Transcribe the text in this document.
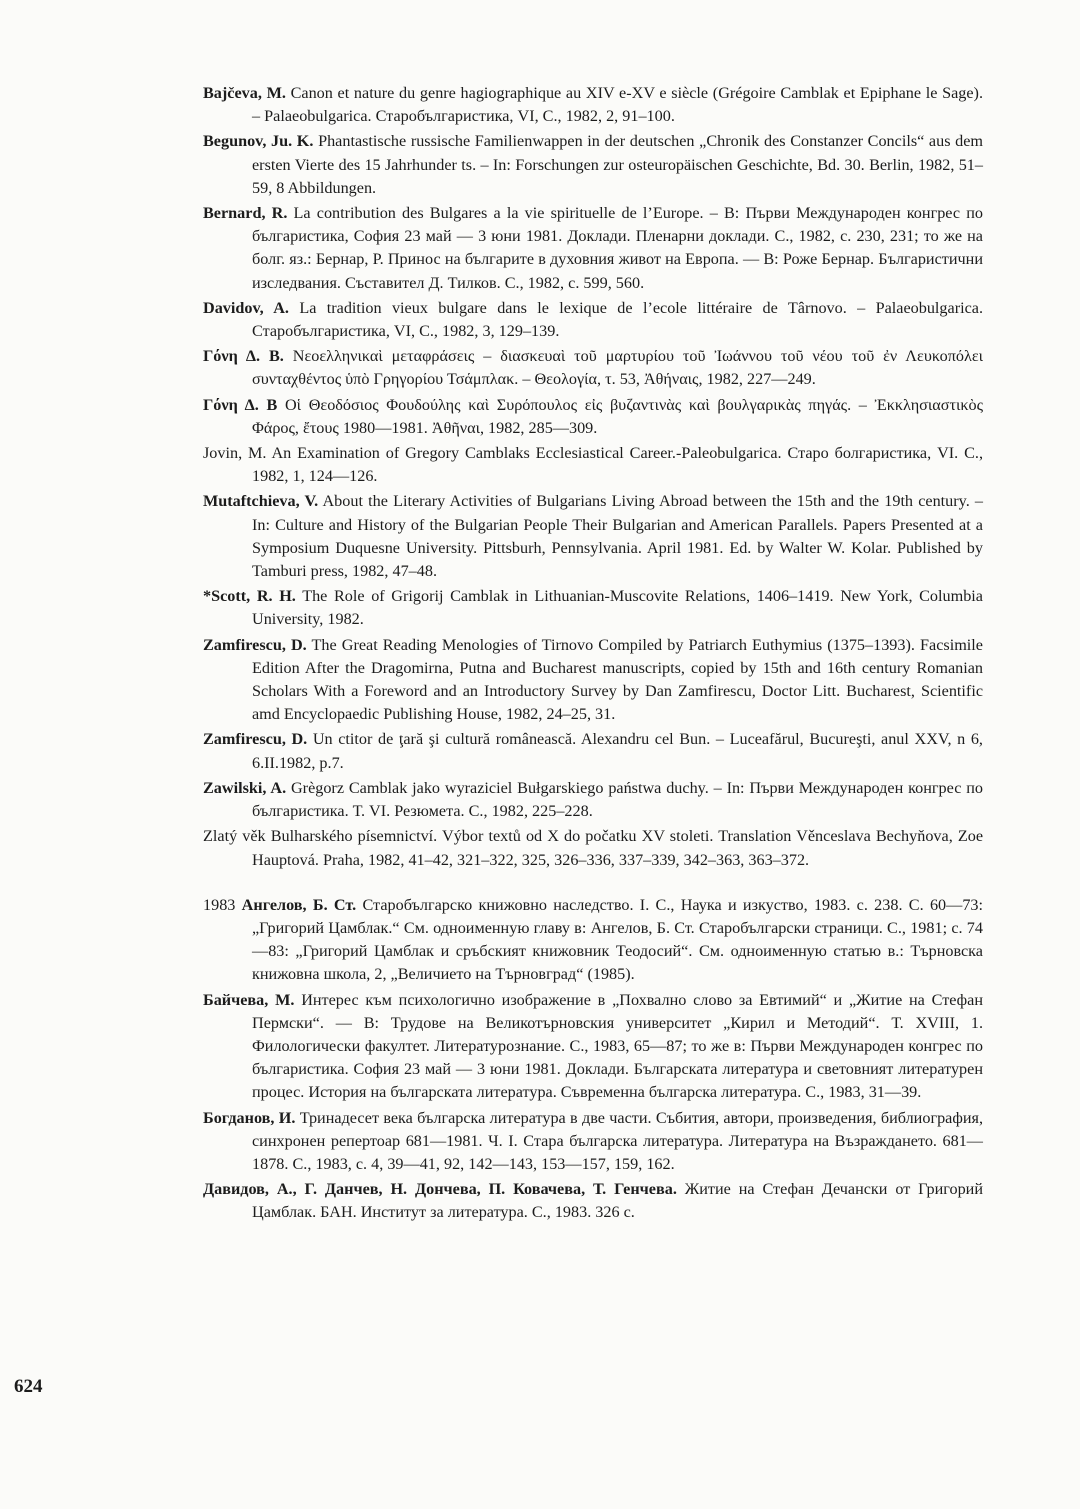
Bajčeva, M. Canon et nature du genre hagiographique au XIV e-XV e siècle (Grégoire Camblak et Epiphane le Sage). – Palaeobulgarica. Старобългаристика, VI, С., 1982, 2, 91–100.

Begunov, Ju. K. Phantastische russische Familienwappen in der deutschen „Chronik des Constanzer Concils“ aus dem ersten Vierte des 15 Jahrhunder ts. – In: Forschungen zur osteuropäischen Geschichte, Bd. 30. Berlin, 1982, 51–59, 8 Abbildungen.

Bernard, R. La contribution des Bulgares a la vie spirituelle de l’Europe. – В: Първи Международен конгрес по българистика, София 23 май — 3 юни 1981. Доклади. Пленарни доклади. С., 1982, с. 230, 231; то же на болг. яз.: Бернар, Р. Принос на българите в духовния живот на Европа. — В: Роже Бернар. Българистични изследвания. Съставител Д. Тилков. С., 1982, с. 599, 560.

Davidov, A. La tradition vieux bulgare dans le lexique de l’ecole littéraire de Târnovo. – Palaeobulgarica. Старобългаристика, VI, С., 1982, 3, 129–139.

Γόνη Δ. Β. Νεοελληνικαὶ μεταφράσεις – διασκευαὶ τοῦ μαρτυρίου τοῦ Ἰωάννου τοῦ νέου τοῦ ἐν Λευκοπόλει συνταχθέντος ὑπὸ Γρηγορίου Τσάμπλακ. – Θεολογία, τ. 53, Ἀθήναις, 1982, 227—249.

Γόνη Δ. Β Οἱ Θεοδόσιος Φουδούλης καὶ Συρόπουλος εἰς βυζαντινὰς καὶ βουλγαρικὰς πηγάς. – Ἐκκλησιαστικὸς Φάρος, ἔτους 1980—1981. Ἀθῆναι, 1982, 285—309.

Jovin, M. An Examination of Gregory Camblaks Ecclesiastical Career.-Paleobulgarica. Старо болгаристика, VI. С., 1982, 1, 124—126.

Mutaftchieva, V. About the Literary Activities of Bulgarians Living Abroad between the 15th and the 19th century. – In: Culture and History of the Bulgarian People Their Bulgarian and American Parallels. Papers Presented at a Symposium Duquesne University. Pittsburh, Pennsylvania. April 1981. Ed. by Walter W. Kolar. Published by Tamburi press, 1982, 47–48.

*Scott, R. H. The Role of Grigorij Camblak in Lithuanian-Muscovite Relations, 1406–1419. New York, Columbia University, 1982.

Zamfirescu, D. The Great Reading Menologies of Tirnovo Compiled by Patriarch Euthymius (1375–1393). Facsimile Edition After the Dragomirna, Putna and Bucharest manuscripts, copied by 15th and 16th century Romanian Scholars With a Foreword and an Introductory Survey by Dan Zamfirescu, Doctor Litt. Bucharest, Scientific amd Encyclopaedic Publishing House, 1982, 24–25, 31.

Zamfirescu, D. Un ctitor de ţară şi cultură românească. Alexandru cel Bun. – Luceafărul, Bucureşti, anul XXV, n 6, 6.II.1982, p.7.

Zawilski, A. Grègorz Camblak jako wyraziciel Bułgarskiego państwa duchy. – In: Първи Международен конгрес по българистика. Т. VI. Резюмета. С., 1982, 225–228.

Zlatý věk Bulharského písemnictví. Výbor textů od X do počatku XV stoleti. Translation Věnceslava Bechyňova, Zoe Hauptová. Praha, 1982, 41–42, 321–322, 325, 326–336, 337–339, 342–363, 363–372.

1983 Ангелов, Б. Ст. Старобългарско книжовно наследство. I. С., Наука и изкуство, 1983. с. 238. С. 60—73: „Григорий Цамблак.“ См. одноименную главу в: Ангелов, Б. Ст. Старобългарски страници. С., 1981; с. 74—83: „Григорий Цамблак и сръбският книжовник Теодосий“. См. одноименную статью в.: Търновска книжовна школа, 2, „Величието на Търновград“ (1985).

Байчева, М. Интерес към психологично изображение в „Похвално слово за Евтимий“ и „Житие на Стефан Пермски“. — В: Трудове на Великотърновския университет „Кирил и Методий“. Т. XVIII, 1. Филологически факултет. Литературознание. С., 1983, 65—87; то же в: Първи Международен конгрес по българистика. София 23 май — 3 юни 1981. Доклади. Българската литература и световният литературен процес. История на българската литература. Съвременна българска литература. С., 1983, 31—39.

Богданов, И. Тринадесет века българска литература в две части. Събития, автори, произведения, библиография, синхронен репертоар 681—1981. Ч. I. Стара българска литература. Литература на Възраждането. 681—1878. С., 1983, с. 4, 39—41, 92, 142—143, 153—157, 159, 162.

Давидов, А., Г. Данчев, Н. Дончева, П. Ковачева, Т. Генчева. Житие на Стефан Дечански от Григорий Цамблак. БАН. Институт за литература. С., 1983. 326 с.

624
